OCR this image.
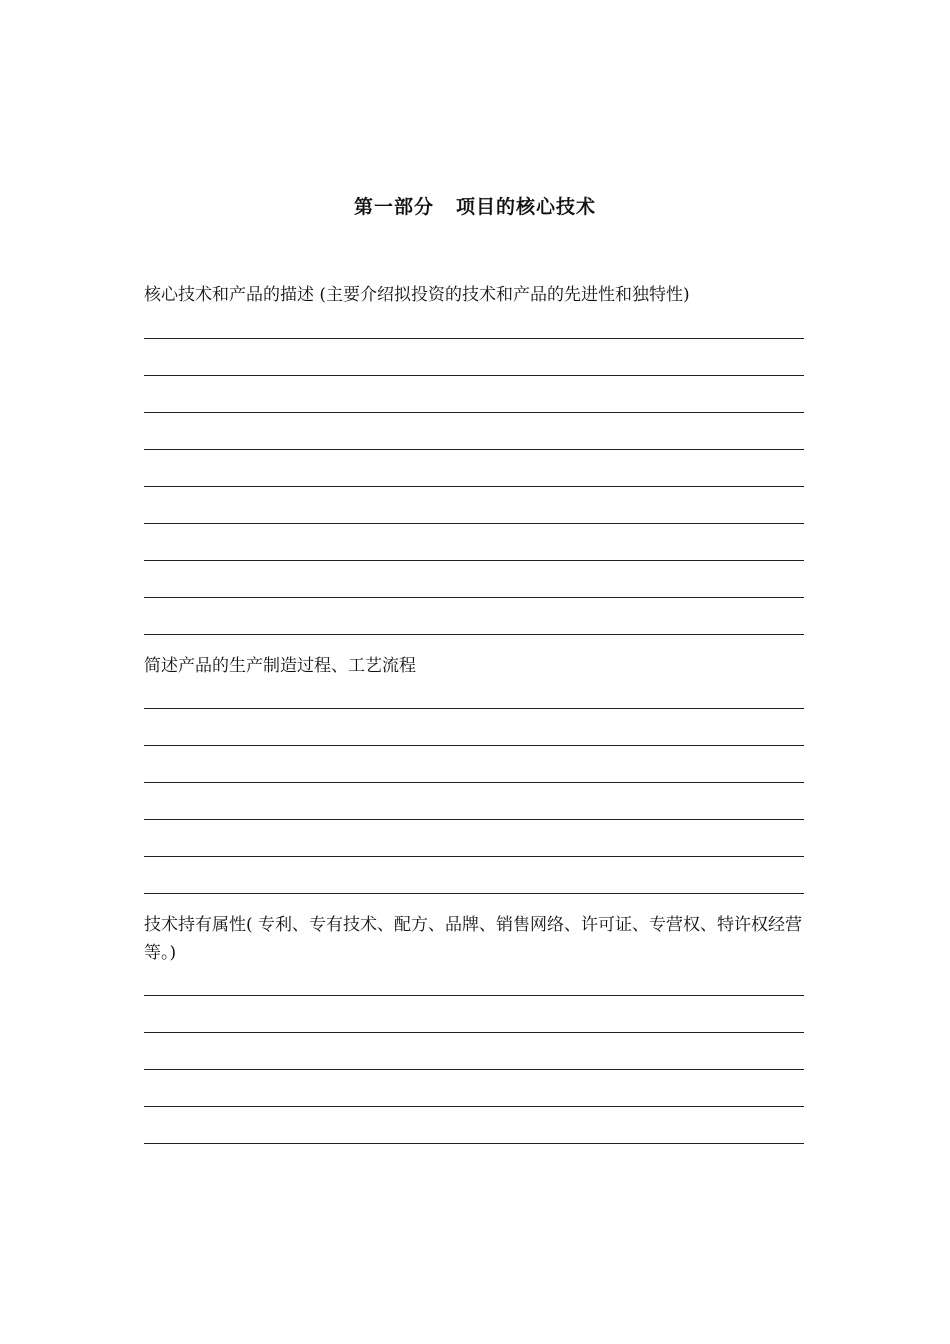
第一部分 项目的核心技术

核心技术和产品的描述 (主要介绍拟投资的技术和产品的先进性和独特性)

简述产品的生产制造过程、工艺流程

技术持有属性( 专利、专有技术、配方、品牌、销售网络、许可证、专营权、特许权经营等。)
